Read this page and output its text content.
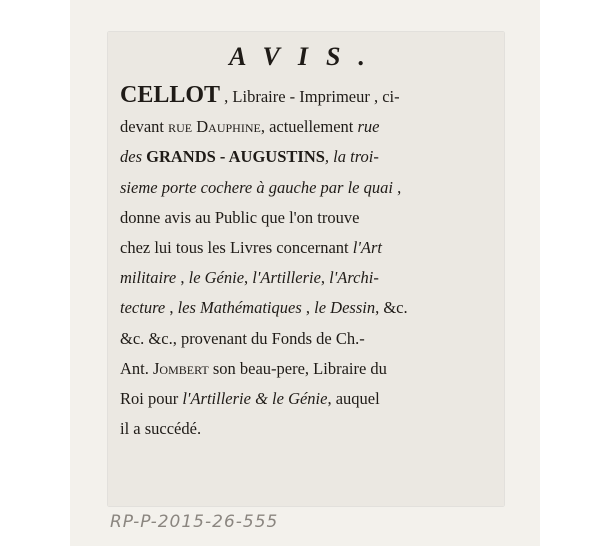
AVIS.
CELLOT , Libraire - Imprimeur , ci-
devant rue Dauphine, actuellement rue
des GRANDS - AUGUSTINS, la troi-
sieme porte cochere à gauche par le quai ,
donne avis au Public que l'on trouve
chez lui tous les Livres concernant l'Art
militaire , le Génie, l'Artillerie, l'Archi-
tecture , les Mathématiques , le Dessin, &c.
&c. &c., provenant du Fonds de Ch.-
Ant. Jombert son beau-pere, Libraire du
Roi pour l'Artillerie & le Génie, auquel
il a succédé.
RP-P-2015-26-555
